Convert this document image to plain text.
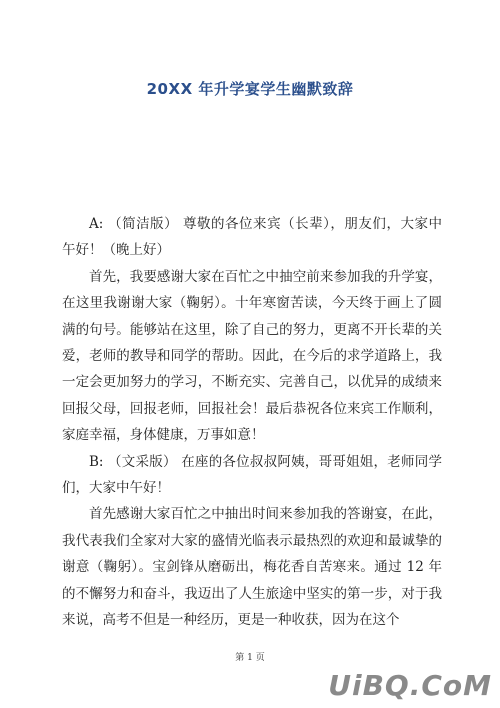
20XX 年升学宴学生幽默致辞

A: （简洁版） 尊敬的各位来宾（长辈），朋友们，大家中午好！（晚上好）

首先，我要感谢大家在百忙之中抽空前来参加我的升学宴，在这里我谢谢大家（鞠躬）。十年寒窗苦读，今天终于画上了圆满的句号。能够站在这里，除了自己的努力，更离不开长辈的关爱，老师的教导和同学的帮助。因此，在今后的求学道路上，我一定会更加努力的学习，不断充实、完善自己，以优异的成绩来回报父母，回报老师，回报社会！最后恭祝各位来宾工作顺利，家庭幸福，身体健康，万事如意！

B: （文采版） 在座的各位叔叔阿姨，哥哥姐姐，老师同学们，大家中午好！

首先感谢大家百忙之中抽出时间来参加我的答谢宴，在此，我代表我们全家对大家的盛情光临表示最热烈的欢迎和最诚挚的谢意（鞠躬）。宝剑锋从磨砺出，梅花香自苦寒来。通过 12 年的不懈努力和奋斗，我迈出了人生旅途中坚实的第一步，对于我来说，高考不但是一种经历，更是一种收获，因为在这个

第 1 页
UiBQ.CoM
